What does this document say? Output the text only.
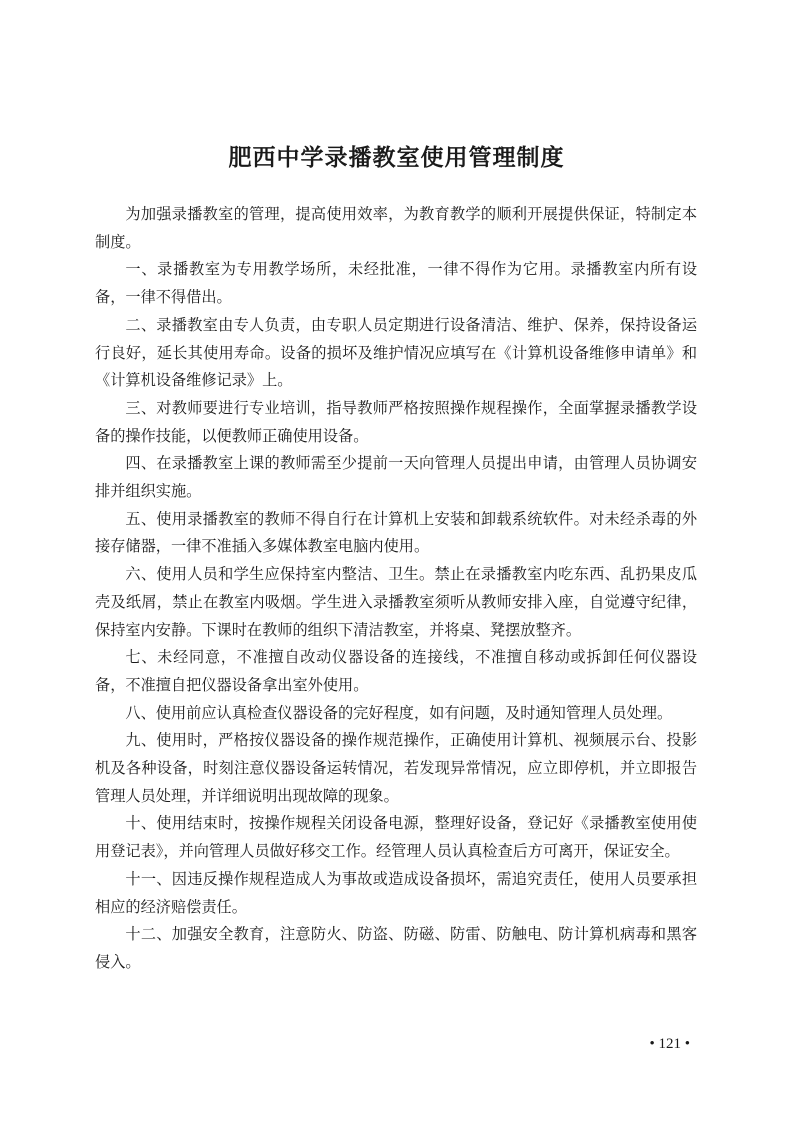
肥西中学录播教室使用管理制度

为加强录播教室的管理，提高使用效率，为教育教学的顺利开展提供保证，特制定本制度。

一、录播教室为专用教学场所，未经批准，一律不得作为它用。录播教室内所有设备，一律不得借出。

二、录播教室由专人负责，由专职人员定期进行设备清洁、维护、保养，保持设备运行良好，延长其使用寿命。设备的损坏及维护情况应填写在《计算机设备维修申请单》和《计算机设备维修记录》上。

三、对教师要进行专业培训，指导教师严格按照操作规程操作，全面掌握录播教学设备的操作技能，以便教师正确使用设备。

四、在录播教室上课的教师需至少提前一天向管理人员提出申请，由管理人员协调安排并组织实施。

五、使用录播教室的教师不得自行在计算机上安装和卸载系统软件。对未经杀毒的外接存储器，一律不准插入多媒体教室电脑内使用。

六、使用人员和学生应保持室内整洁、卫生。禁止在录播教室内吃东西、乱扔果皮瓜壳及纸屑，禁止在教室内吸烟。学生进入录播教室须听从教师安排入座，自觉遵守纪律，保持室内安静。下课时在教师的组织下清洁教室，并将桌、凳摆放整齐。

七、未经同意，不准擅自改动仪器设备的连接线，不准擅自移动或拆卸任何仪器设备，不准擅自把仪器设备拿出室外使用。

八、使用前应认真检查仪器设备的完好程度，如有问题，及时通知管理人员处理。

九、使用时，严格按仪器设备的操作规范操作，正确使用计算机、视频展示台、投影机及各种设备，时刻注意仪器设备运转情况，若发现异常情况，应立即停机，并立即报告管理人员处理，并详细说明出现故障的现象。

十、使用结束时，按操作规程关闭设备电源，整理好设备，登记好《录播教室使用使用登记表》，并向管理人员做好移交工作。经管理人员认真检查后方可离开，保证安全。

十一、因违反操作规程造成人为事故或造成设备损坏，需追究责任，使用人员要承担相应的经济赔偿责任。

十二、加强安全教育，注意防火、防盗、防磁、防雷、防触电、防计算机病毒和黑客侵入。

• 121 •
